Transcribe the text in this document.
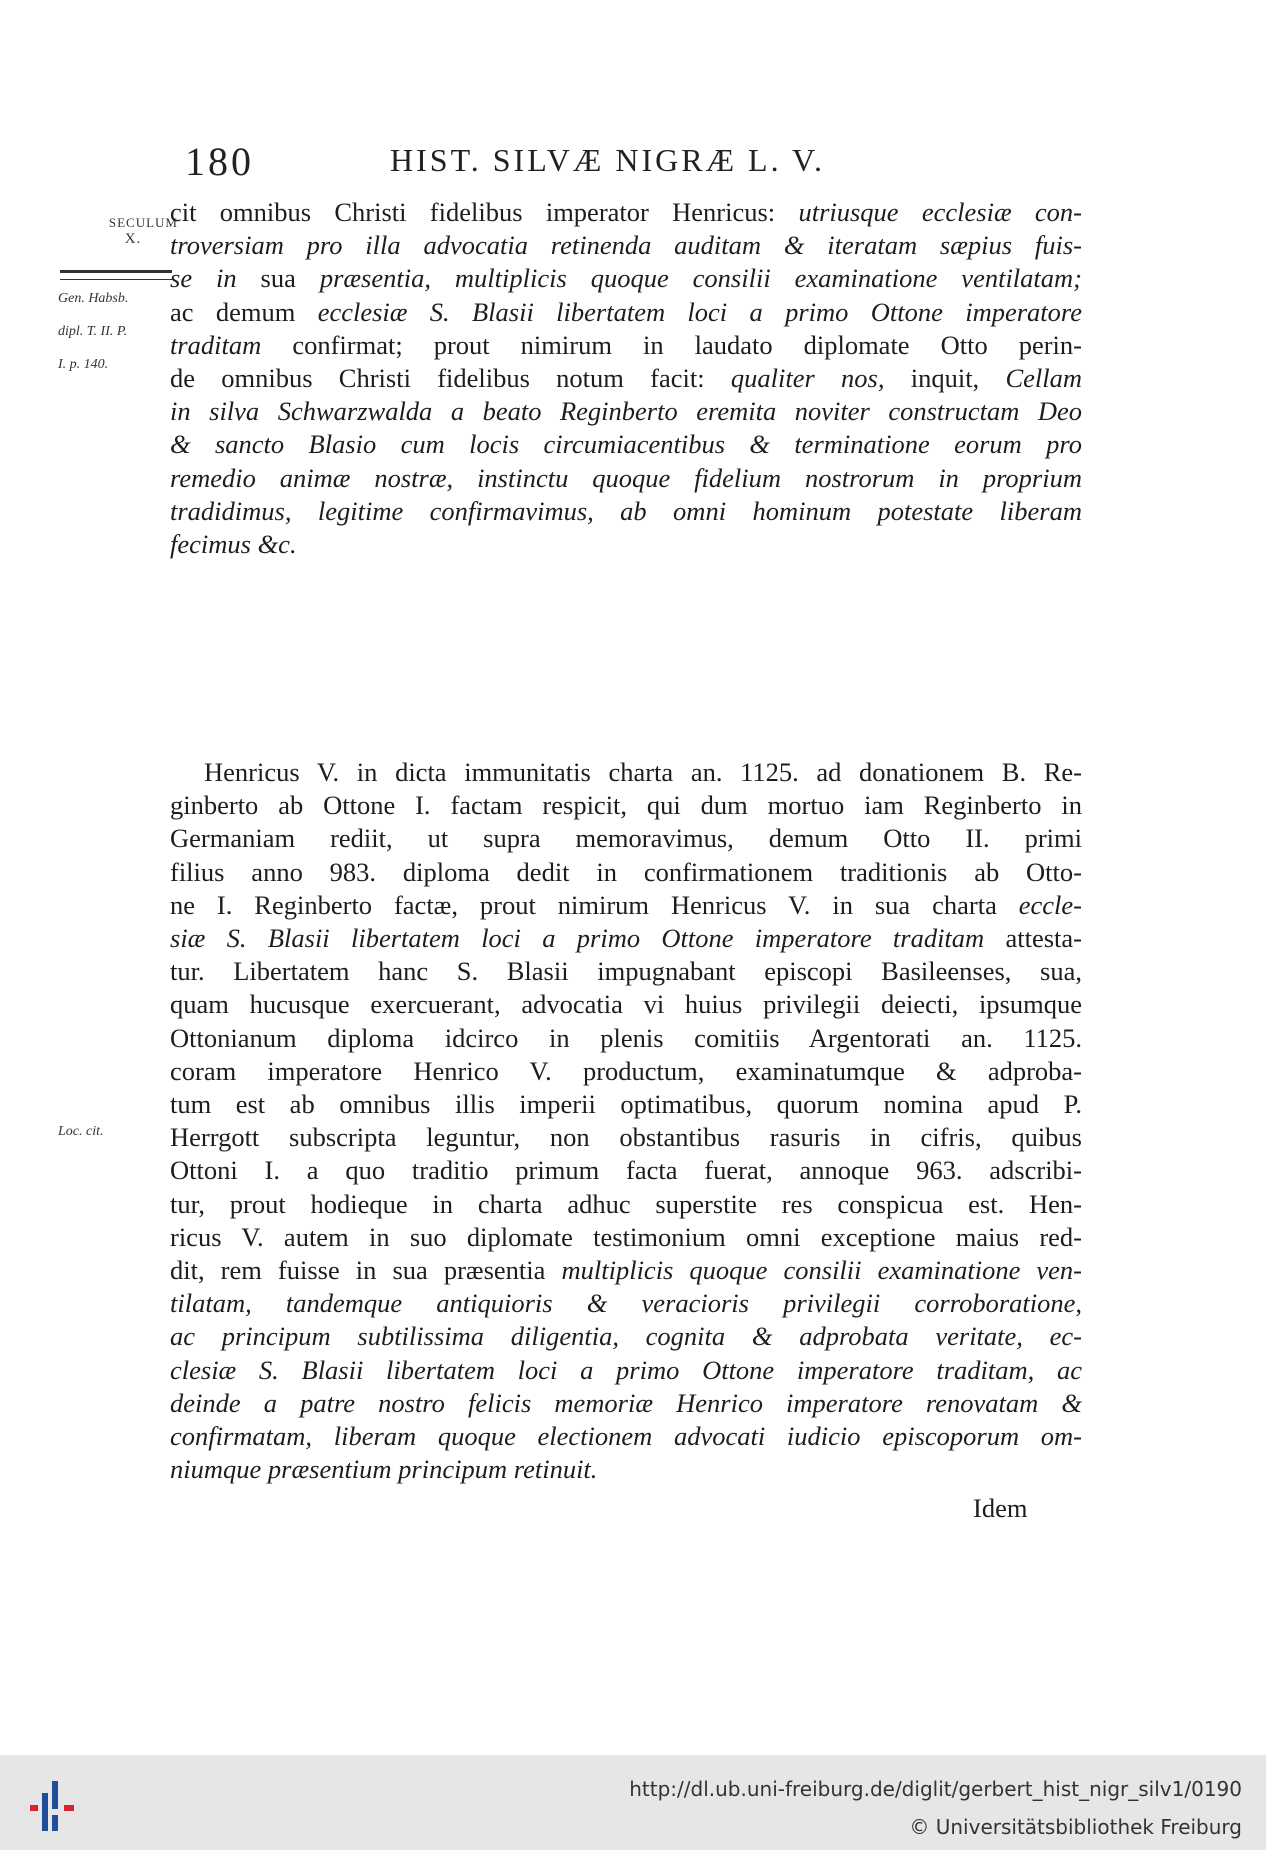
180	HIST. SILVÆ NIGRÆ L. V.
SECULUM
X.
Gen. Habsb.
dipl. T. II. P.
I. p. 140.
Loc. cit.
cit omnibus Christi fidelibus imperator Henricus: utriusque ecclesiæ con-
troversiam pro illa advocatia retinenda auditam & iteratam sæpius fuis-
se in sua præsentia, multiplicis quoque consilii examinatione ventilatam;
ac demum ecclesiæ S. Blasii libertatem loci a primo Ottone imperatore
traditam confirmat; prout nimirum in laudato diplomate Otto perin-
de omnibus Christi fidelibus notum facit: qualiter nos, inquit, Cellam
in silva Schwarzwalda a beato Reginberto eremita noviter constructam Deo
& sancto Blasio cum locis circumiacentibus & terminatione eorum pro
remedio animæ nostræ, instinctu quoque fidelium nostrorum in proprium
tradidimus, legitime confirmavimus, ab omni hominum potestate liberam
fecimus &c.
Henricus V. in dicta immunitatis charta an. 1125. ad donationem B. Re-
ginberto ab Ottone I. factam respicit, qui dum mortuo iam Reginberto in
Germaniam rediit, ut supra memoravimus, demum Otto II. primi
filius anno 983. diploma dedit in confirmationem traditionis ab Otto-
ne I. Reginberto factæ, prout nimirum Henricus V. in sua charta eccle-
siæ S. Blasii libertatem loci a primo Ottone imperatore traditam attesta-
tur. Libertatem hanc S. Blasii impugnabant episcopi Basileenses, sua,
quam hucusque exercuerant, advocatia vi huius privilegii deiecti, ipsumque
Ottonianum diploma idcirco in plenis comitiis Argentorati an. 1125.
coram imperatore Henrico V. productum, examinatumque & adproba-
tum est ab omnibus illis imperii optimatibus, quorum nomina apud P.
Herrgott subscripta leguntur, non obstantibus rasuris in cifris, quibus
Ottoni I. a quo traditio primum facta fuerat, annoque 963. adscribi-
tur, prout hodieque in charta adhuc superstite res conspicua est. Hen-
ricus V. autem in suo diplomate testimonium omni exceptione maius red-
dit, rem fuisse in sua præsentia multiplicis quoque consilii examinatione ven-
tilatam, tandemque antiquioris & veracioris privilegii corroboratione,
ac principum subtilissima diligentia, cognita & adprobata veritate, ec-
clesiæ S. Blasii libertatem loci a primo Ottone imperatore traditam, ac
deinde a patre nostro felicis memoriæ Henrico imperatore renovatam &
confirmatam, liberam quoque electionem advocati iudicio episcoporum om-
niumque præsentium principum retinuit.
Idem
http://dl.ub.uni-freiburg.de/diglit/gerbert_hist_nigr_silv1/0190
© Universitätsbibliothek Freiburg
